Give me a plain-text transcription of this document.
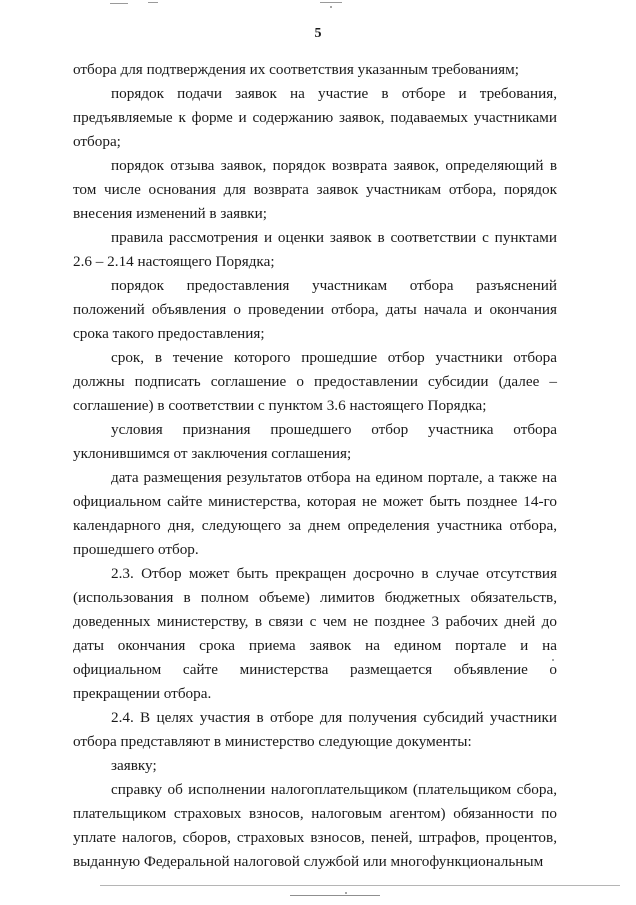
5

отбора для подтверждения их соответствия указанным требованиям;

порядок подачи заявок на участие в отборе и требования, предъявляемые к форме и содержанию заявок, подаваемых участниками отбора;

порядок отзыва заявок, порядок возврата заявок, определяющий в том числе основания для возврата заявок участникам отбора, порядок внесения изменений в заявки;

правила рассмотрения и оценки заявок в соответствии с пунктами 2.6 – 2.14 настоящего Порядка;

порядок предоставления участникам отбора разъяснений положений объявления о проведении отбора, даты начала и окончания срока такого предоставления;

срок, в течение которого прошедшие отбор участники отбора должны подписать соглашение о предоставлении субсидии (далее – соглашение) в соответствии с пунктом 3.6 настоящего Порядка;

условия признания прошедшего отбор участника отбора уклонившимся от заключения соглашения;

дата размещения результатов отбора на едином портале, а также на официальном сайте министерства, которая не может быть позднее 14-го календарного дня, следующего за днем определения участника отбора, прошедшего отбор.

2.3. Отбор может быть прекращен досрочно в случае отсутствия (использования в полном объеме) лимитов бюджетных обязательств, доведенных министерству, в связи с чем не позднее 3 рабочих дней до даты окончания срока приема заявок на едином портале и на официальном сайте министерства размещается объявление о прекращении отбора.

2.4. В целях участия в отборе для получения субсидий участники отбора представляют в министерство следующие документы:

заявку;

справку об исполнении налогоплательщиком (плательщиком сбора, плательщиком страховых взносов, налоговым агентом) обязанности по уплате налогов, сборов, страховых взносов, пеней, штрафов, процентов, выданную Федеральной налоговой службой или многофункциональным
